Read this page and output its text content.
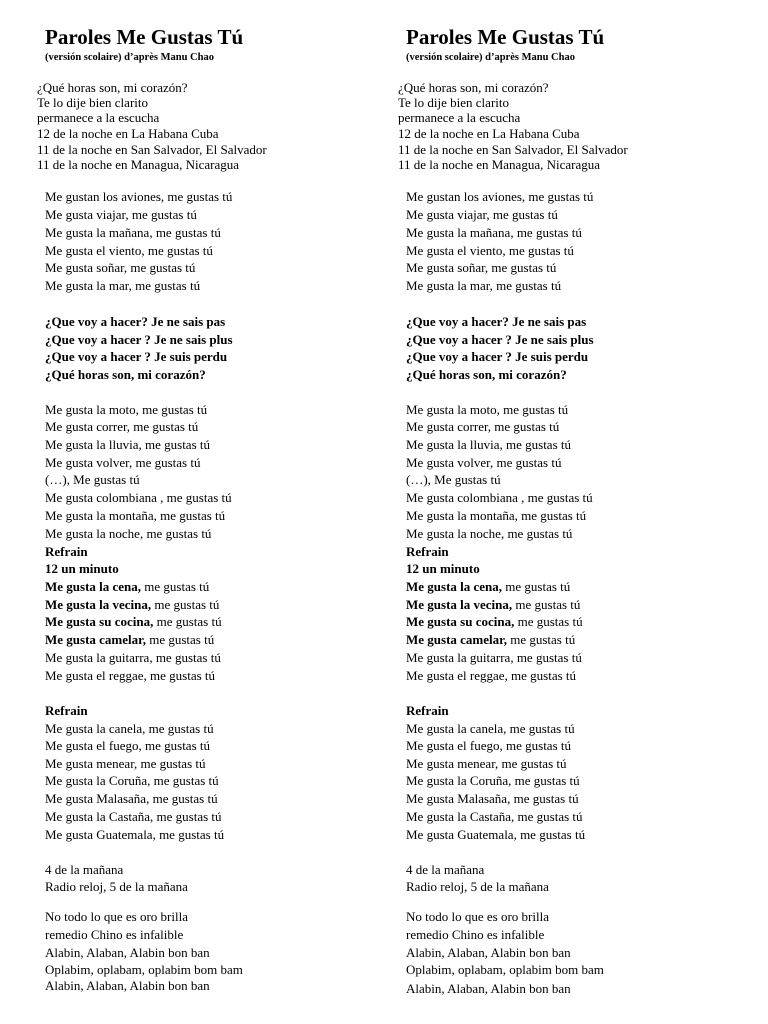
Paroles Me Gustas Tú
(versión scolaire) d’après Manu Chao
¿Qué horas son, mi corazón?
Te lo dije bien clarito
permanece a la escucha
12 de la noche en La Habana Cuba
11 de la noche en San Salvador, El Salvador
11 de la noche en Managua, Nicaragua
Me gustan los aviones, me gustas tú
Me gusta viajar, me gustas tú
Me gusta la mañana, me gustas tú
Me gusta el viento, me gustas tú
Me gusta soñar, me gustas tú
Me gusta la mar, me gustas tú
¿Que voy a hacer? Je ne sais pas
¿Que voy a hacer ? Je ne sais plus
¿Que voy a hacer ? Je suis perdu
¿Qué horas son, mi corazón?
Me gusta la moto, me gustas tú
Me gusta correr, me gustas tú
Me gusta la lluvia, me gustas tú
Me gusta volver, me gustas tú
(…), Me gustas tú
Me gusta colombiana , me gustas tú
Me gusta la montaña, me gustas tú
Me gusta la noche, me gustas tú
Refrain
12 un minuto
Me gusta la cena, me gustas tú
Me gusta la vecina, me gustas tú
Me gusta su cocina, me gustas tú
Me gusta camelar, me gustas tú
Me gusta la guitarra, me gustas tú
Me gusta el reggae, me gustas tú
Refrain
Me gusta la canela, me gustas tú
Me gusta el fuego, me gustas tú
Me gusta menear, me gustas tú
Me gusta la Coruña, me gustas tú
Me gusta Malasaña, me gustas tú
Me gusta la Castaña, me gustas tú
Me gusta Guatemala, me gustas tú
4 de la mañana
Radio reloj, 5 de la mañana
No todo lo que es oro brilla
remedio Chino es infalible
Alabin, Alaban, Alabin bon ban
Oplabim, oplabam, oplabim bom bam
Alabin, Alaban, Alabin bon ban
Paroles Me Gustas Tú
(versión scolaire) d’après Manu Chao
¿Qué horas son, mi corazón?
Te lo dije bien clarito
permanece a la escucha
12 de la noche en La Habana Cuba
11 de la noche en San Salvador, El Salvador
11 de la noche en Managua, Nicaragua
Me gustan los aviones, me gustas tú
Me gusta viajar, me gustas tú
Me gusta la mañana, me gustas tú
Me gusta el viento, me gustas tú
Me gusta soñar, me gustas tú
Me gusta la mar, me gustas tú
¿Que voy a hacer? Je ne sais pas
¿Que voy a hacer ? Je ne sais plus
¿Que voy a hacer ? Je suis perdu
¿Qué horas son, mi corazón?
Me gusta la moto, me gustas tú
Me gusta correr, me gustas tú
Me gusta la lluvia, me gustas tú
Me gusta volver, me gustas tú
(…), Me gustas tú
Me gusta colombiana , me gustas tú
Me gusta la montaña, me gustas tú
Me gusta la noche, me gustas tú
Refrain
12 un minuto
Me gusta la cena, me gustas tú
Me gusta la vecina, me gustas tú
Me gusta su cocina, me gustas tú
Me gusta camelar, me gustas tú
Me gusta la guitarra, me gustas tú
Me gusta el reggae, me gustas tú
Refrain
Me gusta la canela, me gustas tú
Me gusta el fuego, me gustas tú
Me gusta menear, me gustas tú
Me gusta la Coruña, me gustas tú
Me gusta Malasaña, me gustas tú
Me gusta la Castaña, me gustas tú
Me gusta Guatemala, me gustas tú
4 de la mañana
Radio reloj, 5 de la mañana
No todo lo que es oro brilla
remedio Chino es infalible
Alabin, Alaban, Alabin bon ban
Oplabim, oplabam, oplabim bom bam
Alabin, Alaban, Alabin bon ban
